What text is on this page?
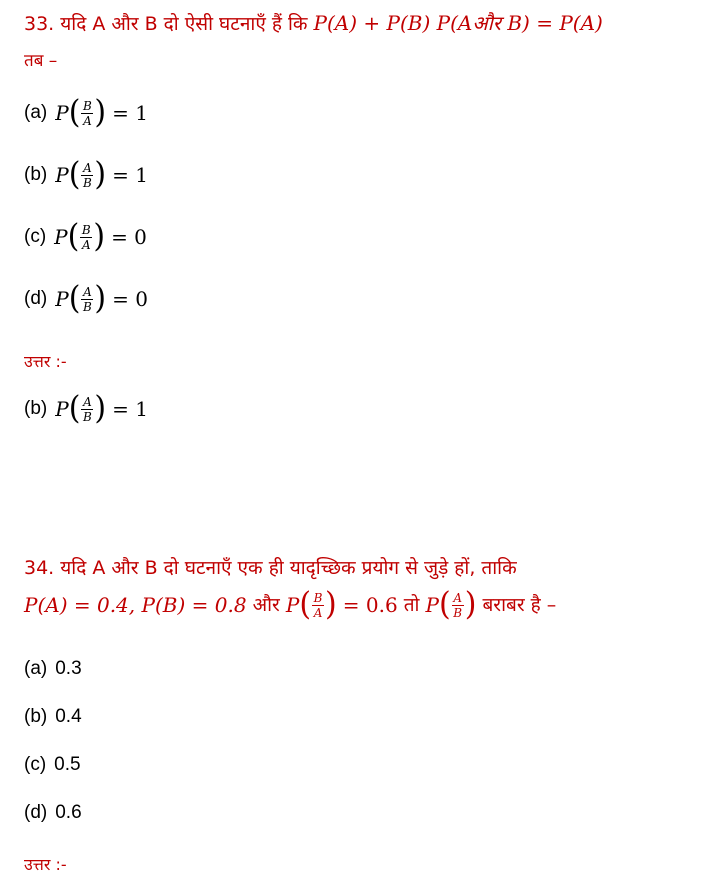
33. यदि A और B दो ऐसी घटनाएँ हैं कि P(A) + P(B) P(Aऔर B) = P(A)
तब –
(a) P ( $\frac{B}{A}$ ) = 1
(b) P ( $\frac{A}{B}$ ) = 1
(c) P ( $\frac{B}{A}$ ) = 0
(d) P ( $\frac{A}{B}$ ) = 0
उत्तर :-
(b) P ( $\frac{A}{B}$ ) = 1
34. यदि A और B दो घटनाएँ एक ही यादृच्छिक प्रयोग से जुड़े हों, ताकि
P(A) = 0.4, P(B) = 0.8 और P ( $\frac{B}{A}$ ) = 0.6 तो P ( $\frac{A}{B}$ ) बराबर है –
(a) 0.3
(b) 0.4
(c) 0.5
(d) 0.6
उत्तर :-
